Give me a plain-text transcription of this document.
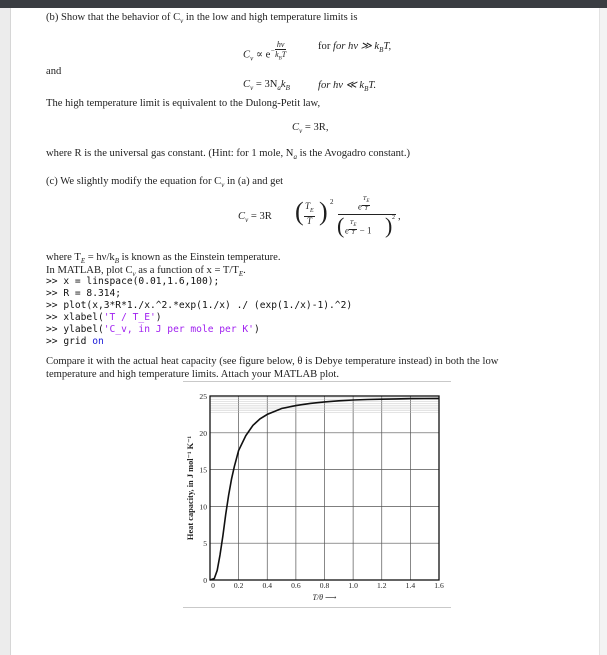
(b) Show that the behavior of $C_v$ in the low and high temperature limits is
$C_v \propto e^{- \frac{h\nu}{k_BT}}$	for for hν ≫ $k_BT$,
and
$C_v = 3N_ak_B$	for hν ≪ $k_BT$.
The high temperature limit is equivalent to the Dulong-Petit law,
$C_v = 3R$,
where R is the universal gas constant. (Hint: for 1 mole, $N_a$ is the Avogadro constant.)
(c) We slightly modify the equation for $C_v$ in (a) and get
$C_v = 3R$ ( $\frac{T_E}{T}$ ) 2	e $^{\frac{T_E}{T}}$
( e $^{\frac{T_E}{T}}$ − 1 ) 2 ,
where $T_E = h\nu/k_B$ is known as the Einstein temperature.
In MATLAB, plot $C_v$ as a function of $x = T/T_E$.
>> x = linspace(0.01,1.6,100);
>> R = 8.314;
>> plot(x,3*R*1./x.^2.*exp(1./x) ./ (exp(1./x)-1).^2)
>> xlabel('T / T_E')
>> ylabel('C_v, in J per mole per K')
>> grid on
Compare it with the actual heat capacity (see figure below, θ is Debye temperature instead) in both the low
temperature and high temperature limits. Attach your MATLAB plot.
0
5
10
15
20
25
0 0.2	0.4	0.6	0.8	1.0	1.2	1.4	1.6
Heat capacity, in J mol⁻¹ K⁻¹
T/θ ⟶
